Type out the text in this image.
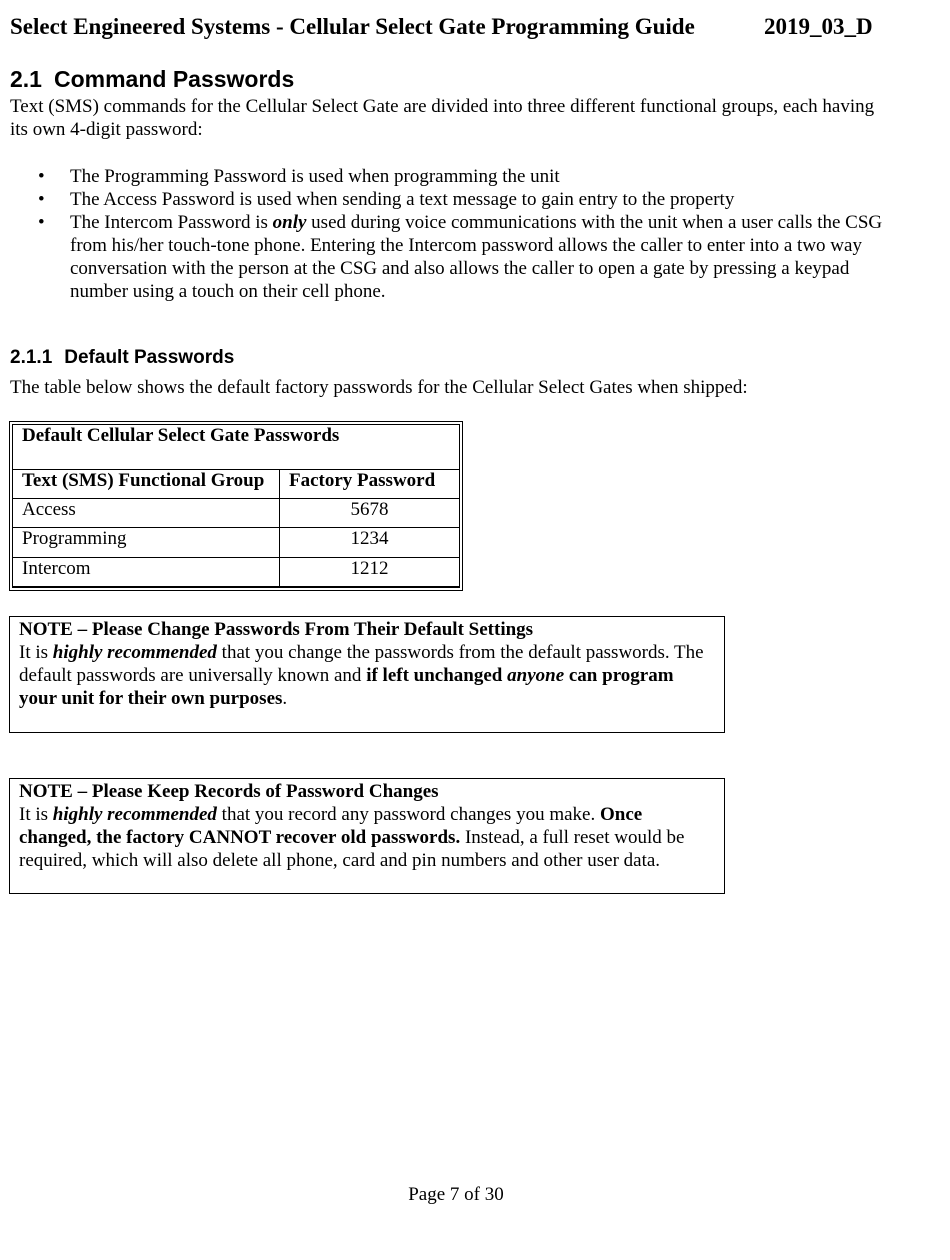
Select Engineered Systems - Cellular Select Gate Programming Guide	2019_03_D
2.1 Command Passwords

Text (SMS) commands for the Cellular Select Gate are divided into three different functional groups, each having its own 4-digit password:

• The Programming Password is used when programming the unit
• The Access Password is used when sending a text message to gain entry to the property
• The Intercom Password is only used during voice communications with the unit when a user calls the CSG from his/her touch-tone phone. Entering the Intercom password allows the caller to enter into a two way conversation with the person at the CSG and also allows the caller to open a gate by pressing a keypad number using a touch on their cell phone.
2.1.1 Default Passwords

The table below shows the default factory passwords for the Cellular Select Gates when shipped:

Default Cellular Select Gate Passwords	
Text (SMS) Functional Group	Factory Password
Access	5678
Programming	1234
Intercom	1212

NOTE – Please Change Passwords From Their Default Settings
It is highly recommended that you change the passwords from the default passwords. The default passwords are universally known and if left unchanged anyone can program your unit for their own purposes.
NOTE – Please Keep Records of Password Changes
It is highly recommended that you record any password changes you make. Once changed, the factory CANNOT recover old passwords. Instead, a full reset would be required, which will also delete all phone, card and pin numbers and other user data.
Page 7 of 30
